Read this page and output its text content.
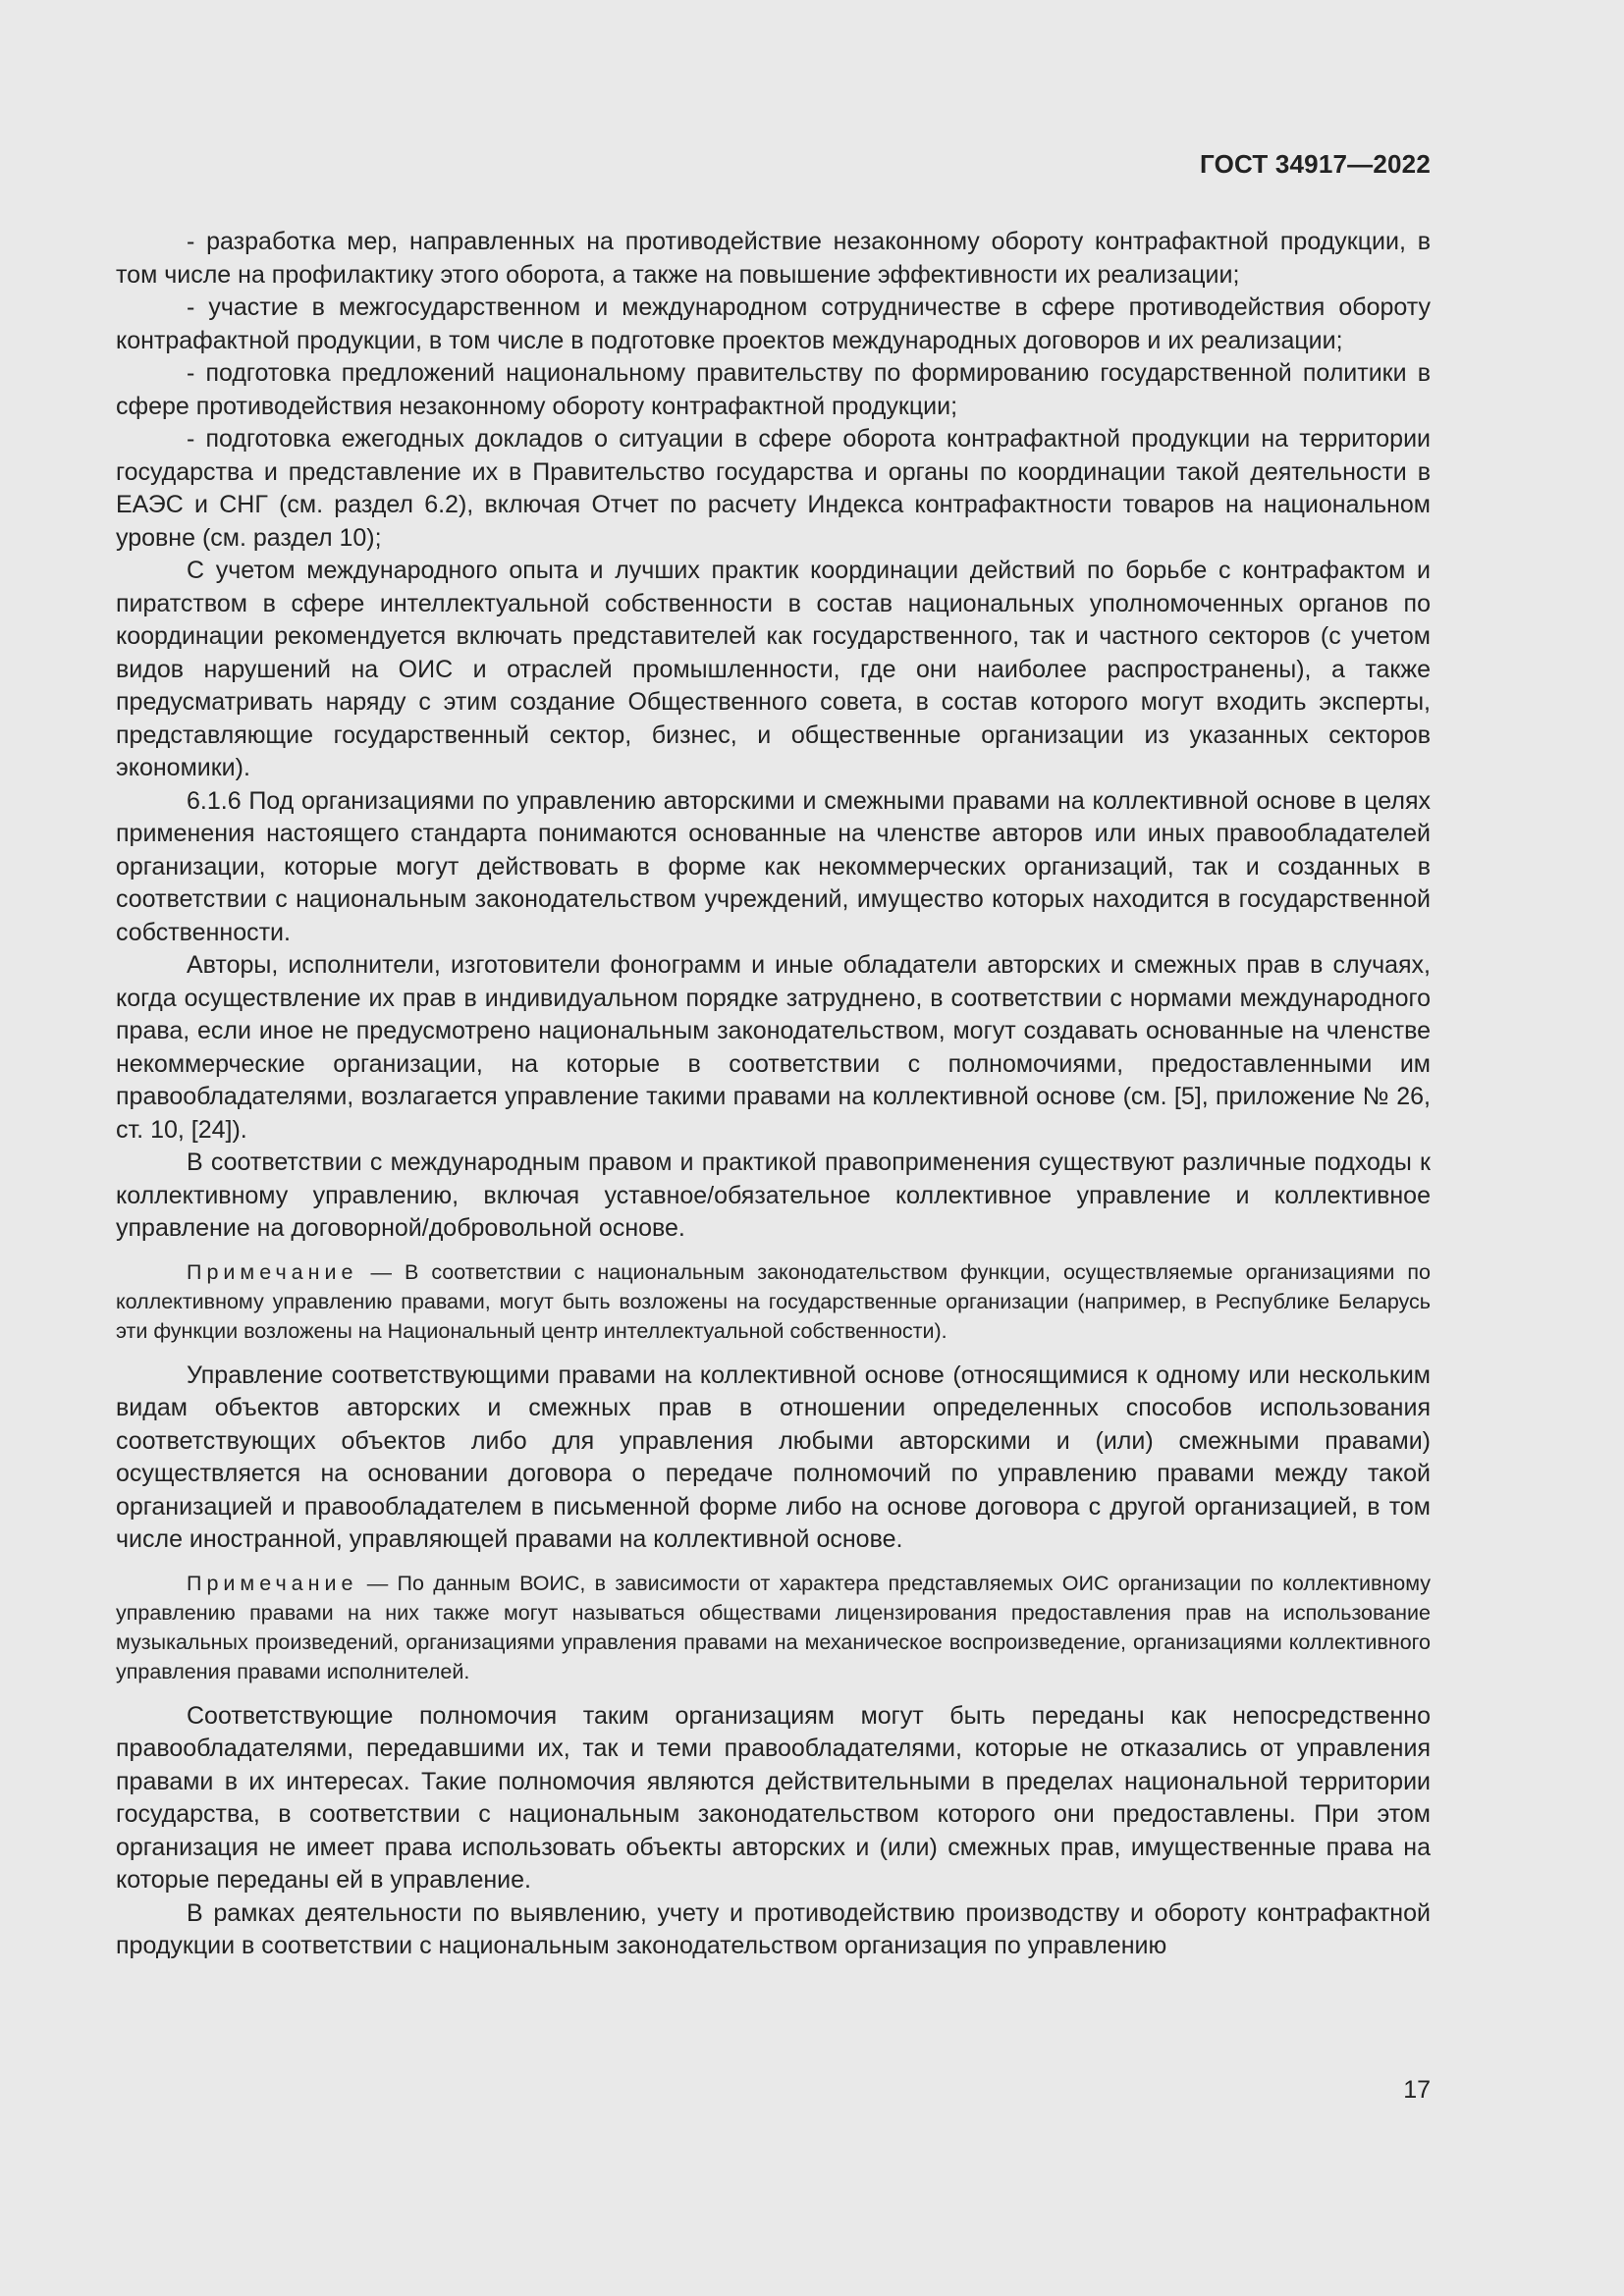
ГОСТ 34917—2022

- разработка мер, направленных на противодействие незаконному обороту контрафактной продукции, в том числе на профилактику этого оборота, а также на повышение эффективности их реализации;

- участие в межгосударственном и международном сотрудничестве в сфере противодействия обороту контрафактной продукции, в том числе в подготовке проектов международных договоров и их реализации;

- подготовка предложений национальному правительству по формированию государственной политики в сфере противодействия незаконному обороту контрафактной продукции;

- подготовка ежегодных докладов о ситуации в сфере оборота контрафактной продукции на территории государства и представление их в Правительство государства и органы по координации такой деятельности в ЕАЭС и СНГ (см. раздел 6.2), включая Отчет по расчету Индекса контрафактности товаров на национальном уровне (см. раздел 10);

С учетом международного опыта и лучших практик координации действий по борьбе с контрафактом и пиратством в сфере интеллектуальной собственности в состав национальных уполномоченных органов по координации рекомендуется включать представителей как государственного, так и частного секторов (с учетом видов нарушений на ОИС и отраслей промышленности, где они наиболее распространены), а также предусматривать наряду с этим создание Общественного совета, в состав которого могут входить эксперты, представляющие государственный сектор, бизнес, и общественные организации из указанных секторов экономики).

6.1.6 Под организациями по управлению авторскими и смежными правами на коллективной основе в целях применения настоящего стандарта понимаются основанные на членстве авторов или иных правообладателей организации, которые могут действовать в форме как некоммерческих организаций, так и созданных в соответствии с национальным законодательством учреждений, имущество которых находится в государственной собственности.

Авторы, исполнители, изготовители фонограмм и иные обладатели авторских и смежных прав в случаях, когда осуществление их прав в индивидуальном порядке затруднено, в соответствии с нормами международного права, если иное не предусмотрено национальным законодательством, могут создавать основанные на членстве некоммерческие организации, на которые в соответствии с полномочиями, предоставленными им правообладателями, возлагается управление такими правами на коллективной основе (см. [5], приложение № 26, ст. 10, [24]).

В соответствии с международным правом и практикой правоприменения существуют различные подходы к коллективному управлению, включая уставное/обязательное коллективное управление и коллективное управление на договорной/добровольной основе.

Примечание — В соответствии с национальным законодательством функции, осуществляемые организациями по коллективному управлению правами, могут быть возложены на государственные организации (например, в Республике Беларусь эти функции возложены на Национальный центр интеллектуальной собственности).

Управление соответствующими правами на коллективной основе (относящимися к одному или нескольким видам объектов авторских и смежных прав в отношении определенных способов использования соответствующих объектов либо для управления любыми авторскими и (или) смежными правами) осуществляется на основании договора о передаче полномочий по управлению правами между такой организацией и правообладателем в письменной форме либо на основе договора с другой организацией, в том числе иностранной, управляющей правами на коллективной основе.

Примечание — По данным ВОИС, в зависимости от характера представляемых ОИС организации по коллективному управлению правами на них также могут называться обществами лицензирования предоставления прав на использование музыкальных произведений, организациями управления правами на механическое воспроизведение, организациями коллективного управления правами исполнителей.

Соответствующие полномочия таким организациям могут быть переданы как непосредственно правообладателями, передавшими их, так и теми правообладателями, которые не отказались от управления правами в их интересах. Такие полномочия являются действительными в пределах национальной территории государства, в соответствии с национальным законодательством которого они предоставлены. При этом организация не имеет права использовать объекты авторских и (или) смежных прав, имущественные права на которые переданы ей в управление.

В рамках деятельности по выявлению, учету и противодействию производству и обороту контрафактной продукции в соответствии с национальным законодательством организация по управлению

17
